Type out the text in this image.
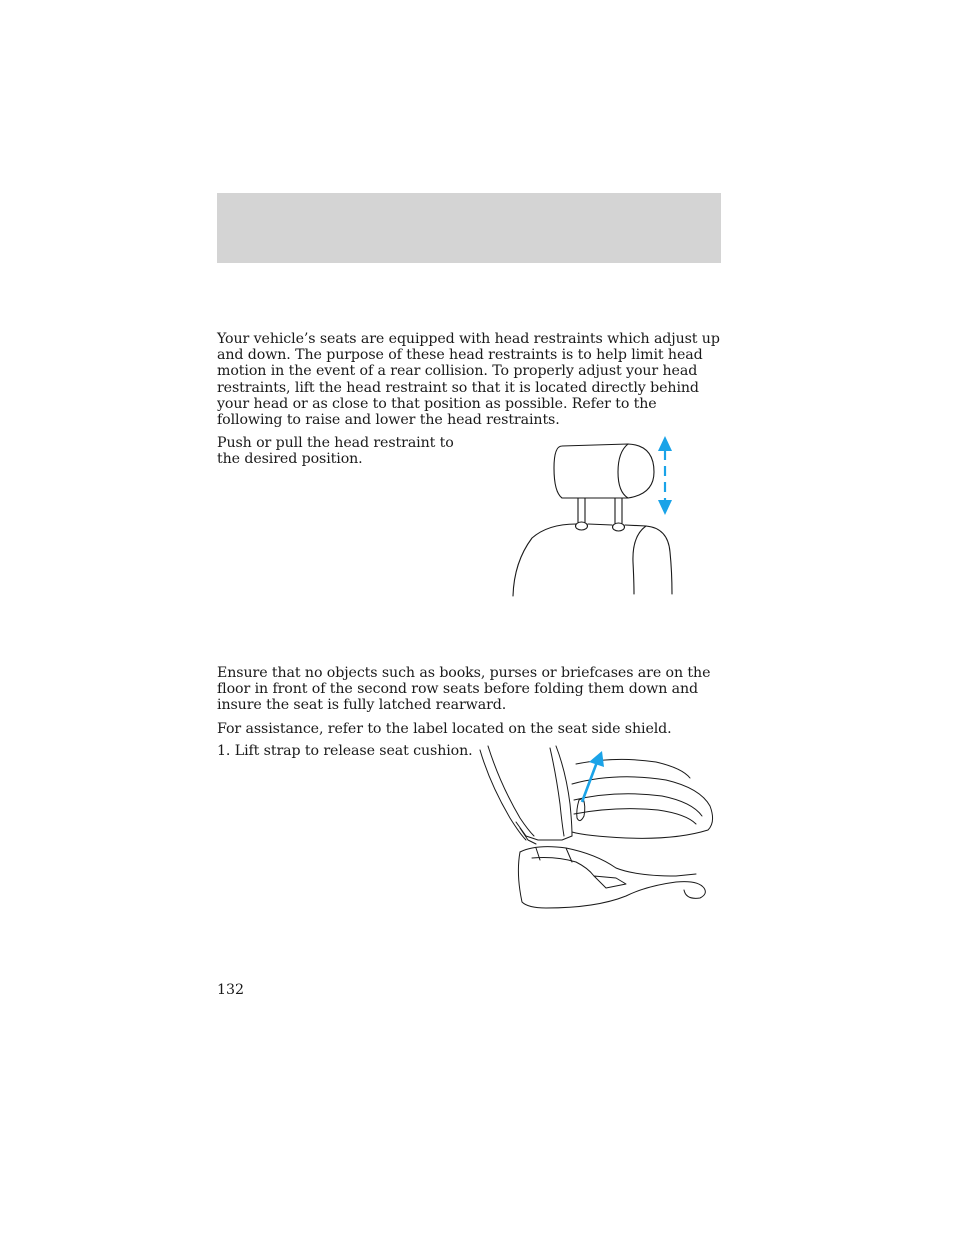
Your vehicle’s seats are equipped with head restraints which adjust up and down. The purpose of these head restraints is to help limit head motion in the event of a rear collision. To properly adjust your head restraints, lift the head restraint so that it is located directly behind your head or as close to that position as possible. Refer to the following to raise and lower the head restraints.

Push or pull the head restraint to the desired position.

Ensure that no objects such as books, purses or briefcases are on the floor in front of the second row seats before folding them down and insure the seat is fully latched rearward.

For assistance, refer to the label located on the seat side shield.

1. Lift strap to release seat cushion.

132
